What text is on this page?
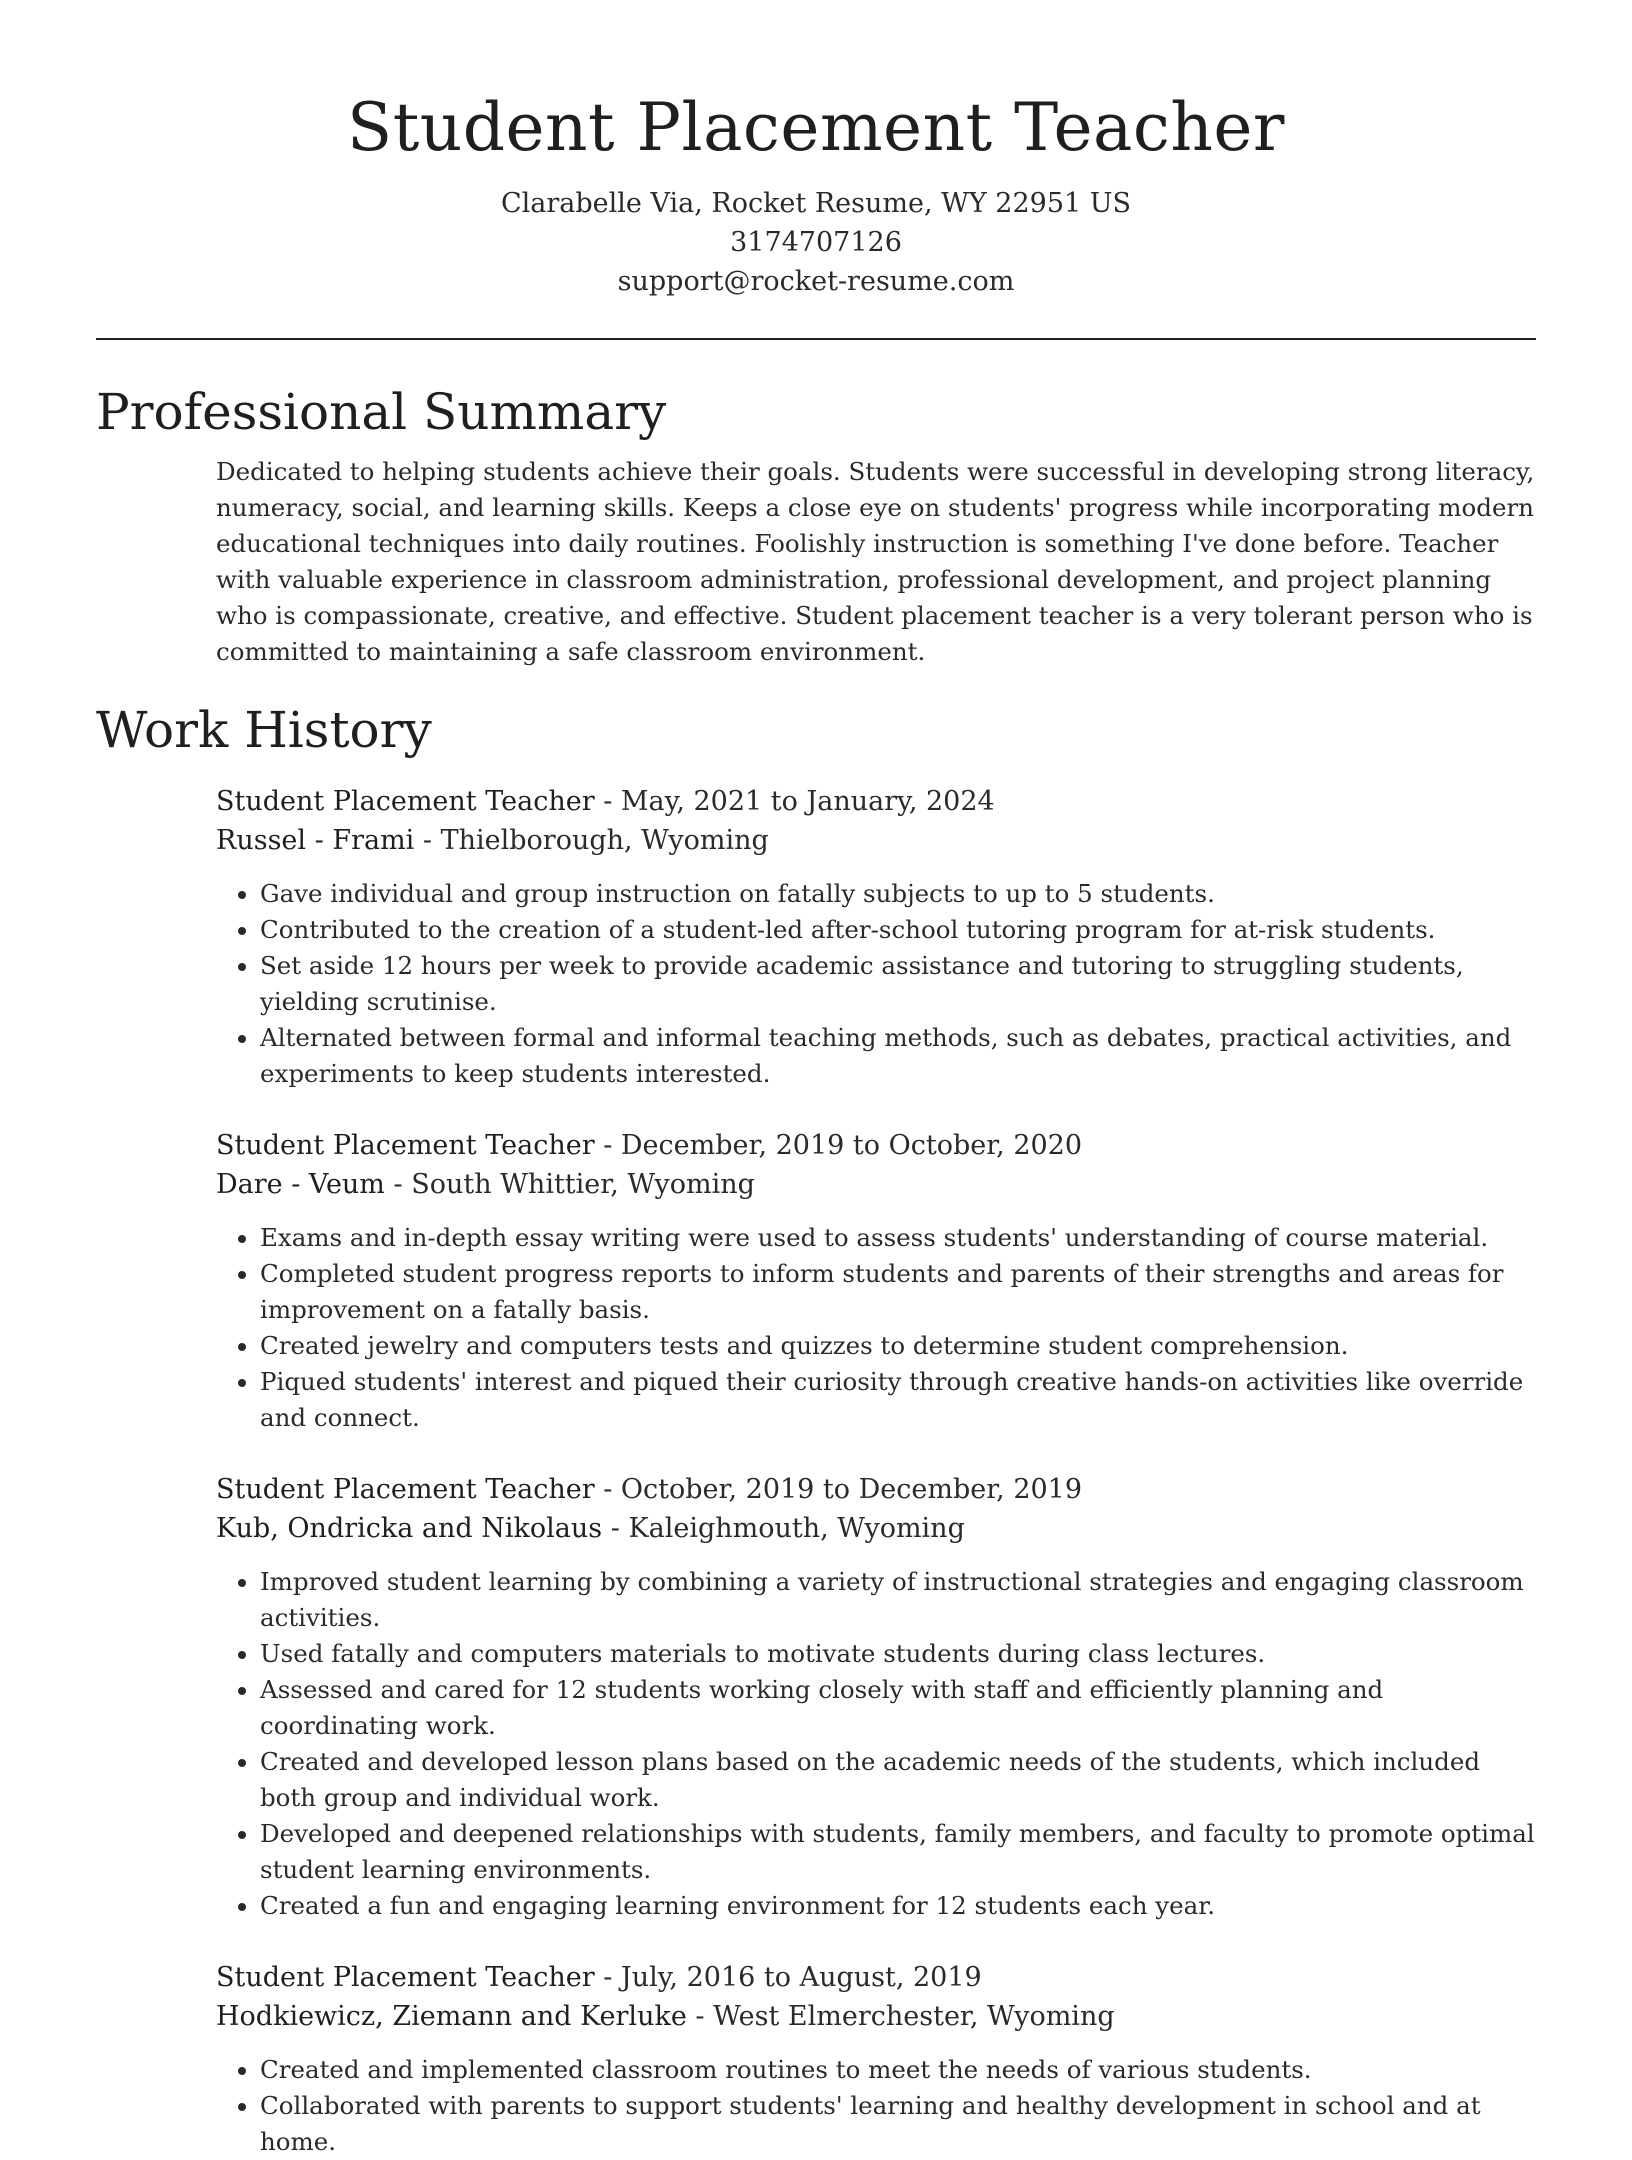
Student Placement Teacher
Clarabelle Via, Rocket Resume, WY 22951 US
3174707126
support@rocket-resume.com
Professional Summary

Dedicated to helping students achieve their goals. Students were successful in developing strong literacy, numeracy, social, and learning skills. Keeps a close eye on students' progress while incorporating modern educational techniques into daily routines. Foolishly instruction is something I've done before. Teacher with valuable experience in classroom administration, professional development, and project planning who is compassionate, creative, and effective. Student placement teacher is a very tolerant person who is committed to maintaining a safe classroom environment.

Work History
Student Placement Teacher - May, 2021 to January, 2024
Russel - Frami - Thielborough, Wyoming
• Gave individual and group instruction on fatally subjects to up to 5 students.
• Contributed to the creation of a student-led after-school tutoring program for at-risk students.
• Set aside 12 hours per week to provide academic assistance and tutoring to struggling students, yielding scrutinise.
• Alternated between formal and informal teaching methods, such as debates, practical activities, and experiments to keep students interested.
Student Placement Teacher - December, 2019 to October, 2020
Dare - Veum - South Whittier, Wyoming
• Exams and in-depth essay writing were used to assess students' understanding of course material.
• Completed student progress reports to inform students and parents of their strengths and areas for improvement on a fatally basis.
• Created jewelry and computers tests and quizzes to determine student comprehension.
• Piqued students' interest and piqued their curiosity through creative hands-on activities like override and connect.
Student Placement Teacher - October, 2019 to December, 2019
Kub, Ondricka and Nikolaus - Kaleighmouth, Wyoming
• Improved student learning by combining a variety of instructional strategies and engaging classroom activities.
• Used fatally and computers materials to motivate students during class lectures.
• Assessed and cared for 12 students working closely with staff and efficiently planning and coordinating work.
• Created and developed lesson plans based on the academic needs of the students, which included both group and individual work.
• Developed and deepened relationships with students, family members, and faculty to promote optimal student learning environments.
• Created a fun and engaging learning environment for 12 students each year.
Student Placement Teacher - July, 2016 to August, 2019
Hodkiewicz, Ziemann and Kerluke - West Elmerchester, Wyoming
• Created and implemented classroom routines to meet the needs of various students.
• Collaborated with parents to support students' learning and healthy development in school and at home.
